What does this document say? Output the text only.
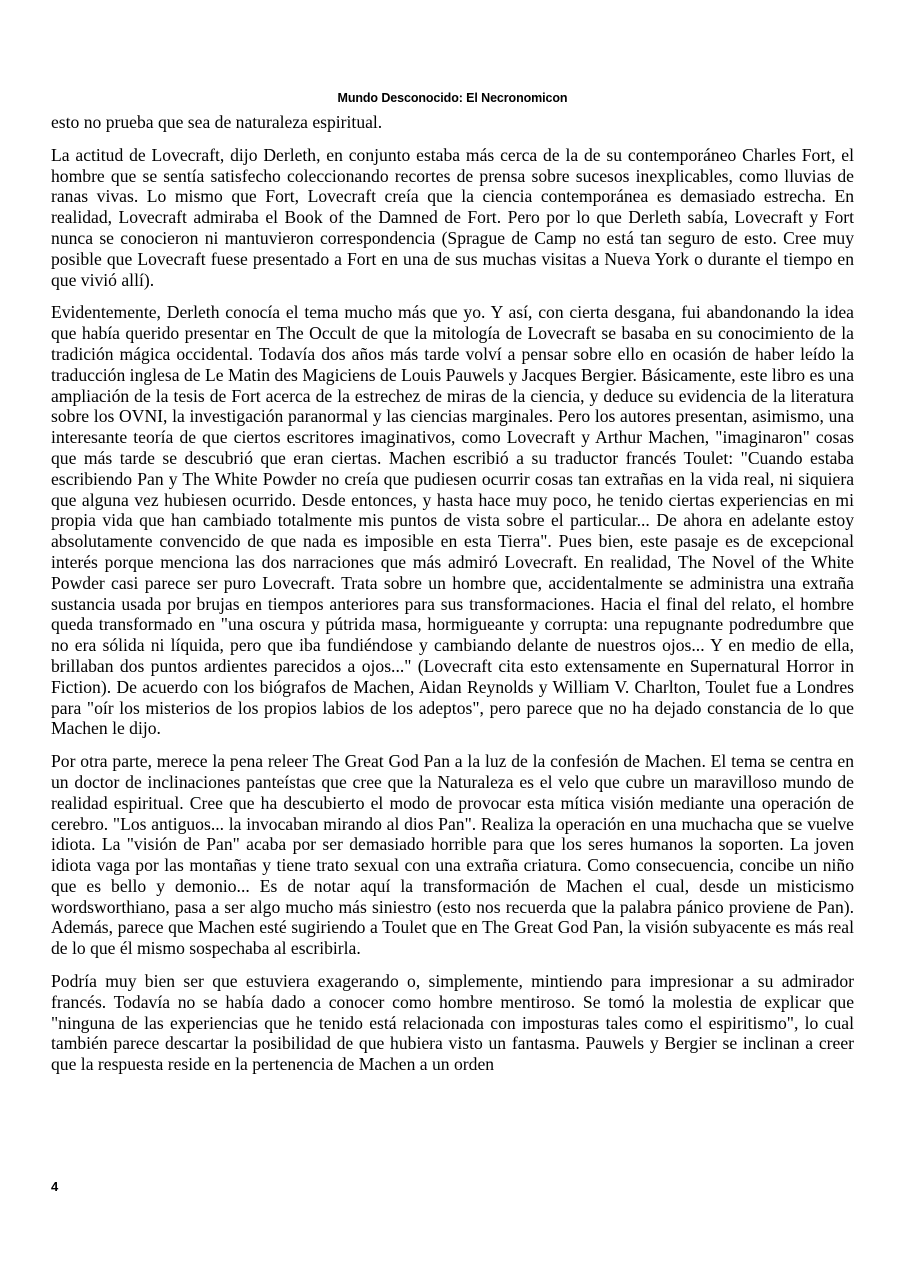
Mundo Desconocido: El Necronomicon

esto no prueba que sea de naturaleza espiritual.

La actitud de Lovecraft, dijo Derleth, en conjunto estaba más cerca de la de su contemporáneo Charles Fort, el hombre que se sentía satisfecho coleccionando recortes de prensa sobre sucesos inexplicables, como lluvias de ranas vivas. Lo mismo que Fort, Lovecraft creía que la ciencia contemporánea es demasiado estrecha. En realidad, Lovecraft admiraba el Book of the Damned de Fort. Pero por lo que Derleth sabía, Lovecraft y Fort nunca se conocieron ni mantuvieron correspondencia (Sprague de Camp no está tan seguro de esto. Cree muy posible que Lovecraft fuese presentado a Fort en una de sus muchas visitas a Nueva York o durante el tiempo en que vivió allí).

Evidentemente, Derleth conocía el tema mucho más que yo. Y así, con cierta desgana, fui abandonando la idea que había querido presentar en The Occult de que la mitología de Lovecraft se basaba en su conocimiento de la tradición mágica occidental. Todavía dos años más tarde volví a pensar sobre ello en ocasión de haber leído la traducción inglesa de Le Matin des Magiciens de Louis Pauwels y Jacques Bergier. Básicamente, este libro es una ampliación de la tesis de Fort acerca de la estrechez de miras de la ciencia, y deduce su evidencia de la literatura sobre los OVNI, la investigación paranormal y las ciencias marginales. Pero los autores presentan, asimismo, una interesante teoría de que ciertos escritores imaginativos, como Lovecraft y Arthur Machen, "imaginaron" cosas que más tarde se descubrió que eran ciertas. Machen escribió a su traductor francés Toulet: "Cuando estaba escribiendo Pan y The White Powder no creía que pudiesen ocurrir cosas tan extrañas en la vida real, ni siquiera que alguna vez hubiesen ocurrido. Desde entonces, y hasta hace muy poco, he tenido ciertas experiencias en mi propia vida que han cambiado totalmente mis puntos de vista sobre el particular... De ahora en adelante estoy absolutamente convencido de que nada es imposible en esta Tierra". Pues bien, este pasaje es de excepcional interés porque menciona las dos narraciones que más admiró Lovecraft. En realidad, The Novel of the White Powder casi parece ser puro Lovecraft. Trata sobre un hombre que, accidentalmente se administra una extraña sustancia usada por brujas en tiempos anteriores para sus transformaciones. Hacia el final del relato, el hombre queda transformado en "una oscura y pútrida masa, hormigueante y corrupta: una repugnante podredumbre que no era sólida ni líquida, pero que iba fundiéndose y cambiando delante de nuestros ojos... Y en medio de ella, brillaban dos puntos ardientes parecidos a ojos..." (Lovecraft cita esto extensamente en Supernatural Horror in Fiction). De acuerdo con los biógrafos de Machen, Aidan Reynolds y William V. Charlton, Toulet fue a Londres para "oír los misterios de los propios labios de los adeptos", pero parece que no ha dejado constancia de lo que Machen le dijo.

Por otra parte, merece la pena releer The Great God Pan a la luz de la confesión de Machen. El tema se centra en un doctor de inclinaciones panteístas que cree que la Naturaleza es el velo que cubre un maravilloso mundo de realidad espiritual. Cree que ha descubierto el modo de provocar esta mítica visión mediante una operación de cerebro. "Los antiguos... la invocaban mirando al dios Pan". Realiza la operación en una muchacha que se vuelve idiota. La "visión de Pan" acaba por ser demasiado horrible para que los seres humanos la soporten. La joven idiota vaga por las montañas y tiene trato sexual con una extraña criatura. Como consecuencia, concibe un niño que es bello y demonio... Es de notar aquí la transformación de Machen el cual, desde un misticismo wordsworthiano, pasa a ser algo mucho más siniestro (esto nos recuerda que la palabra pánico proviene de Pan). Además, parece que Machen esté sugiriendo a Toulet que en The Great God Pan, la visión subyacente es más real de lo que él mismo sospechaba al escribirla.

Podría muy bien ser que estuviera exagerando o, simplemente, mintiendo para impresionar a su admirador francés. Todavía no se había dado a conocer como hombre mentiroso. Se tomó la molestia de explicar que "ninguna de las experiencias que he tenido está relacionada con imposturas tales como el espiritismo", lo cual también parece descartar la posibilidad de que hubiera visto un fantasma. Pauwels y Bergier se inclinan a creer que la respuesta reside en la pertenencia de Machen a un orden

4
